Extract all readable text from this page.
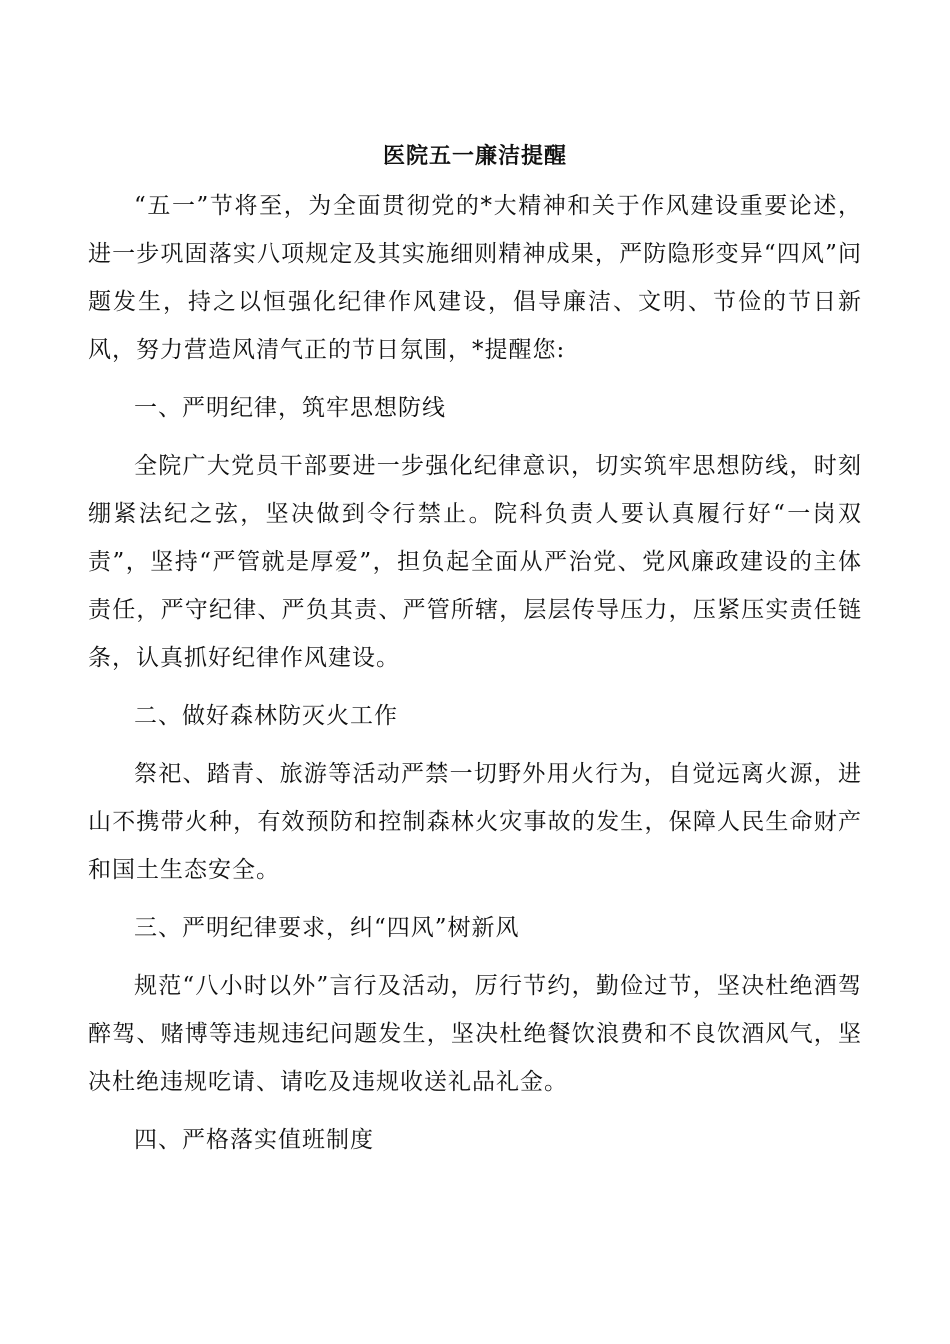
医院五一廉洁提醒

“五一”节将至，为全面贯彻党的*大精神和关于作风建设重要论述，进一步巩固落实八项规定及其实施细则精神成果，严防隐形变异“四风”问题发生，持之以恒强化纪律作风建设，倡导廉洁、文明、节俭的节日新风，努力营造风清气正的节日氛围，*提醒您:

一、严明纪律，筑牢思想防线

全院广大党员干部要进一步强化纪律意识，切实筑牢思想防线，时刻绷紧法纪之弦，坚决做到令行禁止。院科负责人要认真履行好“一岗双责”，坚持“严管就是厚爱”，担负起全面从严治党、党风廉政建设的主体责任，严守纪律、严负其责、严管所辖，层层传导压力，压紧压实责任链条，认真抓好纪律作风建设。

二、做好森林防灭火工作

祭祀、踏青、旅游等活动严禁一切野外用火行为，自觉远离火源，进山不携带火种，有效预防和控制森林火灾事故的发生，保障人民生命财产和国土生态安全。

三、严明纪律要求，纠“四风”树新风

规范“八小时以外”言行及活动，厉行节约，勤俭过节，坚决杜绝酒驾醉驾、赌博等违规违纪问题发生，坚决杜绝餐饮浪费和不良饮酒风气，坚决杜绝违规吃请、请吃及违规收送礼品礼金。

四、严格落实值班制度
